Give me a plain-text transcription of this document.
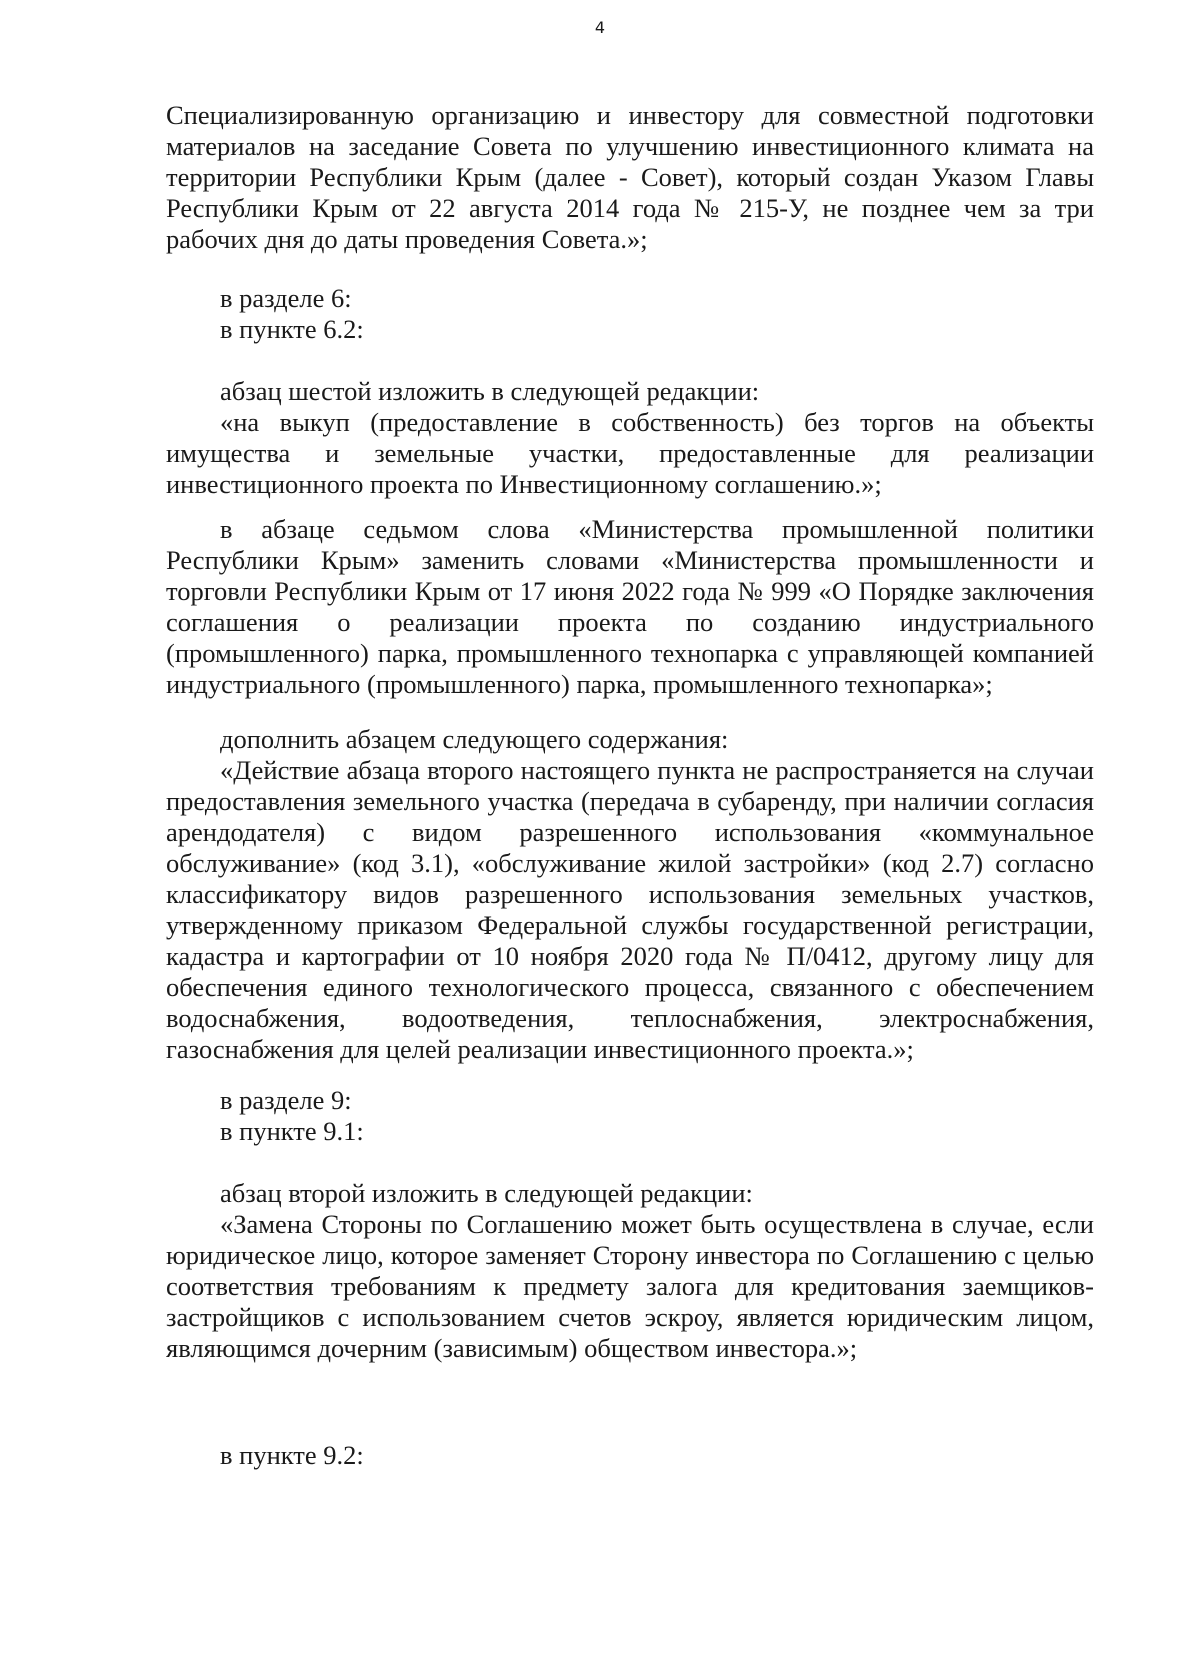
4

Специализированную организацию и инвестору для совместной подготовки материалов на заседание Совета по улучшению инвестиционного климата на территории Республики Крым (далее - Совет), который создан Указом Главы Республики Крым от 22 августа 2014 года № 215-У, не позднее чем за три рабочих дня до даты проведения Совета.»;

в разделе 6:

в пункте 6.2:

абзац шестой изложить в следующей редакции:

«на выкуп (предоставление в собственность) без торгов на объекты имущества и земельные участки, предоставленные для реализации инвестиционного проекта по Инвестиционному соглашению.»;

в абзаце седьмом слова «Министерства промышленной политики Республики Крым» заменить словами «Министерства промышленности и торговли Республики Крым от 17 июня 2022 года № 999 «О Порядке заключения соглашения о реализации проекта по созданию индустриального (промышленного) парка, промышленного технопарка с управляющей компанией индустриального (промышленного) парка, промышленного технопарка»;

дополнить абзацем следующего содержания:

«Действие абзаца второго настоящего пункта не распространяется на случаи предоставления земельного участка (передача в субаренду, при наличии согласия арендодателя) с видом разрешенного использования «коммунальное обслуживание» (код 3.1), «обслуживание жилой застройки» (код 2.7) согласно классификатору видов разрешенного использования земельных участков, утвержденному приказом Федеральной службы государственной регистрации, кадастра и картографии от 10 ноября 2020 года № П/0412, другому лицу для обеспечения единого технологического процесса, связанного с обеспечением водоснабжения, водоотведения, теплоснабжения, электроснабжения, газоснабжения для целей реализации инвестиционного проекта.»;

в разделе 9:

в пункте 9.1:

абзац второй изложить в следующей редакции:

«Замена Стороны по Соглашению может быть осуществлена в случае, если юридическое лицо, которое заменяет Сторону инвестора по Соглашению с целью соответствия требованиям к предмету залога для кредитования заемщиков-застройщиков с использованием счетов эскроу, является юридическим лицом, являющимся дочерним (зависимым) обществом инвестора.»;

в пункте 9.2:
